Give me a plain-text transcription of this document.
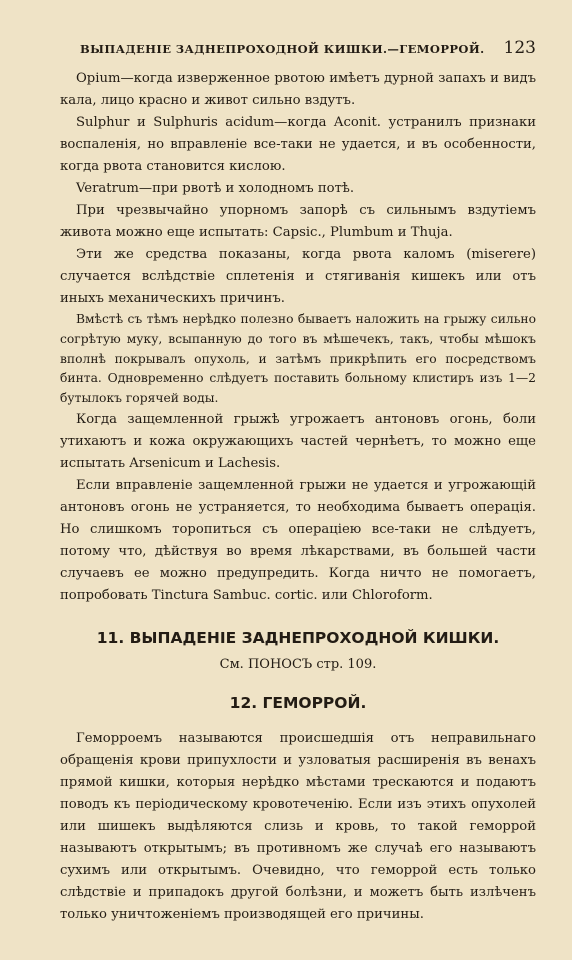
ВЫПАДЕНІЕ ЗАДНЕПРОХОДНОЙ КИШКИ.—ГЕМОРРОЙ. 123

Opium—когда изверженное рвотою имѣетъ дурной запахъ и видъ кала, лицо красно и живот сильно вздутъ.

Sulphur и Sulphuris acidum—когда Aconit. устранилъ признаки воспаленія, но вправленіе все-таки не удается, и въ особенности, когда рвота становится кислою.

Veratrum—при рвотѣ и холодномъ потѣ.

При чрезвычайно упорномъ запорѣ съ сильнымъ вздутіемъ живота можно еще испытать: Capsic., Plumbum и Thuja.

Эти же средства показаны, когда рвота каломъ (miserere) случается вслѣдствіе сплетенія и стягиванія кишекъ или отъ иныхъ механическихъ причинъ.

Вмѣстѣ съ тѣмъ нерѣдко полезно бываетъ наложить на грыжу сильно согрѣтую муку, всыпанную до того въ мѣшечекъ, такъ, чтобы мѣшокъ вполнѣ покрывалъ опухоль, и затѣмъ прикрѣпить его посредствомъ бинта. Одновременно слѣдуетъ поставить больному клистиръ изъ 1—2 бутылокъ горячей воды.

Когда защемленной грыжѣ угрожаетъ антоновъ огонь, боли утихаютъ и кожа окружающихъ частей чернѣетъ, то можно еще испытать Arsenicum и Lachesis.

Если вправленіе защемленной грыжи не удается и угрожающій антоновъ огонь не устраняется, то необходима бываетъ операція. Но слишкомъ торопиться съ операціею все-таки не слѣдуетъ, потому что, дѣйствуя во время лѣкарствами, въ большей части случаевъ ее можно предупредить. Когда ничто не помогаетъ, попробовать Tinctura Sambuc. cortic. или Chloroform.

11. ВЫПАДЕНІЕ ЗАДНЕПРОХОДНОЙ КИШКИ.

См. ПОНОСЪ стр. 109.

12. ГЕМОРРОЙ.

Геморроемъ называются происшедшія отъ неправильнаго обращенія крови припухлости и узловатыя расширенія въ венахъ прямой кишки, которыя нерѣдко мѣстами трескаются и подаютъ поводъ къ періодическому кровотеченію. Если изъ этихъ опухолей или шишекъ выдѣляются слизь и кровь, то такой геморрой называютъ открытымъ; въ противномъ же случаѣ его называютъ сухимъ или открытымъ. Очевидно, что геморрой есть только слѣдствіе и припадокъ другой болѣзни, и можетъ быть излѣченъ только уничтоженіемъ производящей его причины.
